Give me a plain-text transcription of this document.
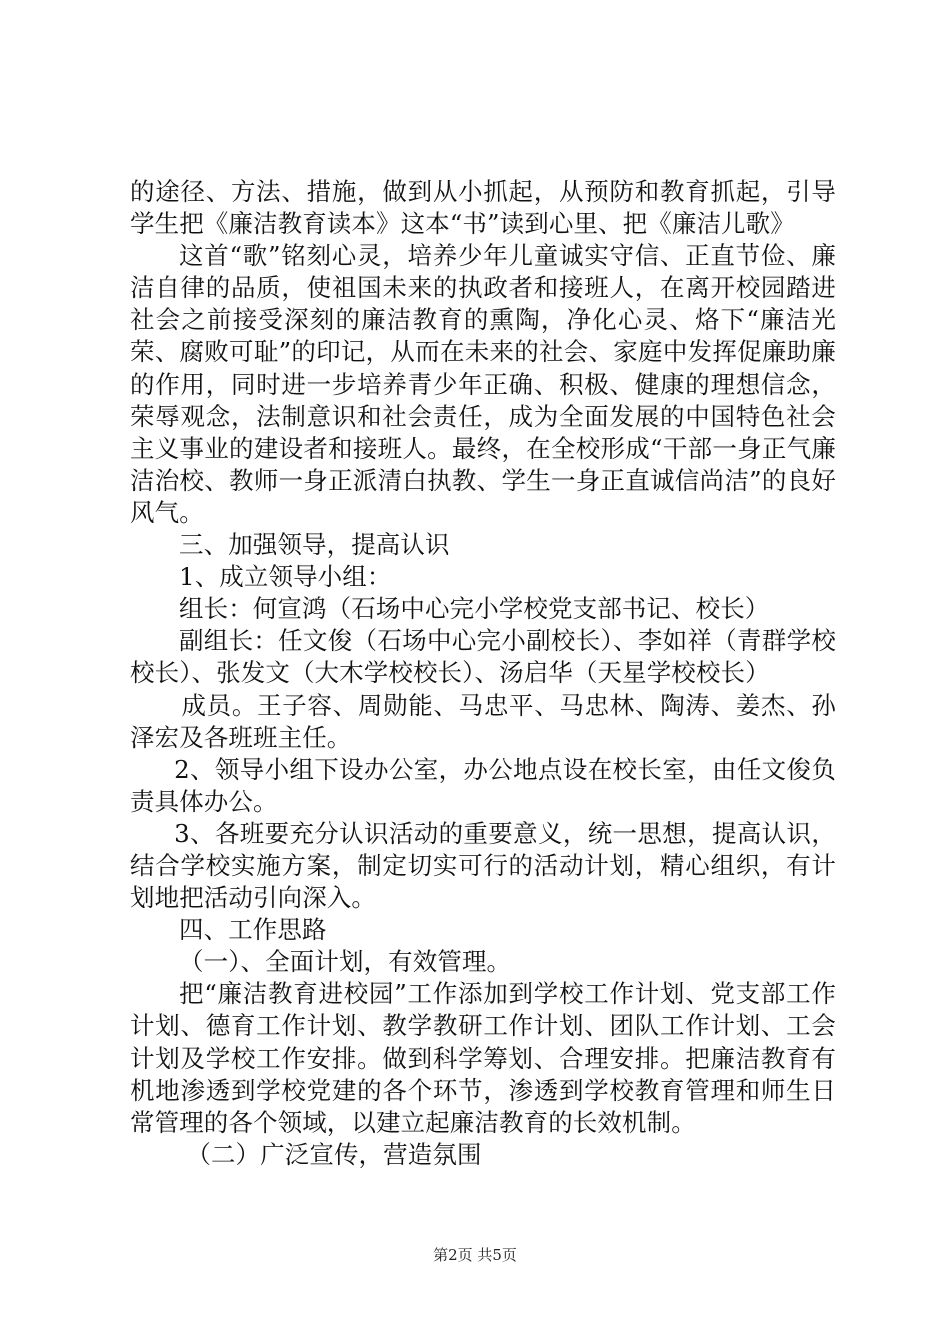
的途径、方法、措施，做到从小抓起，从预防和教育抓起，引导学生把《廉洁教育读本》这本“书”读到心里、把《廉洁儿歌》

这首“歌”铭刻心灵，培养少年儿童诚实守信、正直节俭、廉洁自律的品质，使祖国未来的执政者和接班人，在离开校园踏进社会之前接受深刻的廉洁教育的熏陶，净化心灵、烙下“廉洁光荣、腐败可耻”的印记，从而在未来的社会、家庭中发挥促廉助廉的作用，同时进一步培养青少年正确、积极、健康的理想信念，荣辱观念，法制意识和社会责任，成为全面发展的中国特色社会主义事业的建设者和接班人。最终，在全校形成“干部一身正气廉洁治校、教师一身正派清白执教、学生一身正直诚信尚洁”的良好风气。

三、加强领导，提高认识

1、成立领导小组：

组长：何宣鸿（石场中心完小学校党支部书记、校长）

副组长：任文俊（石场中心完小副校长）、李如祥（青群学校校长）、张发文（大木学校校长）、汤启华（天星学校校长）

成员。王子容、周勋能、马忠平、马忠林、陶涛、姜杰、孙泽宏及各班班主任。

2、领导小组下设办公室，办公地点设在校长室，由任文俊负责具体办公。

3、各班要充分认识活动的重要意义，统一思想，提高认识，结合学校实施方案，制定切实可行的活动计划，精心组织，有计划地把活动引向深入。

四、工作思路

（一）、全面计划，有效管理。

把“廉洁教育进校园”工作添加到学校工作计划、党支部工作计划、德育工作计划、教学教研工作计划、团队工作计划、工会计划及学校工作安排。做到科学筹划、合理安排。把廉洁教育有机地渗透到学校党建的各个环节，渗透到学校教育管理和师生日常管理的各个领域，以建立起廉洁教育的长效机制。

（二）广泛宣传，营造氛围

第2页 共5页
